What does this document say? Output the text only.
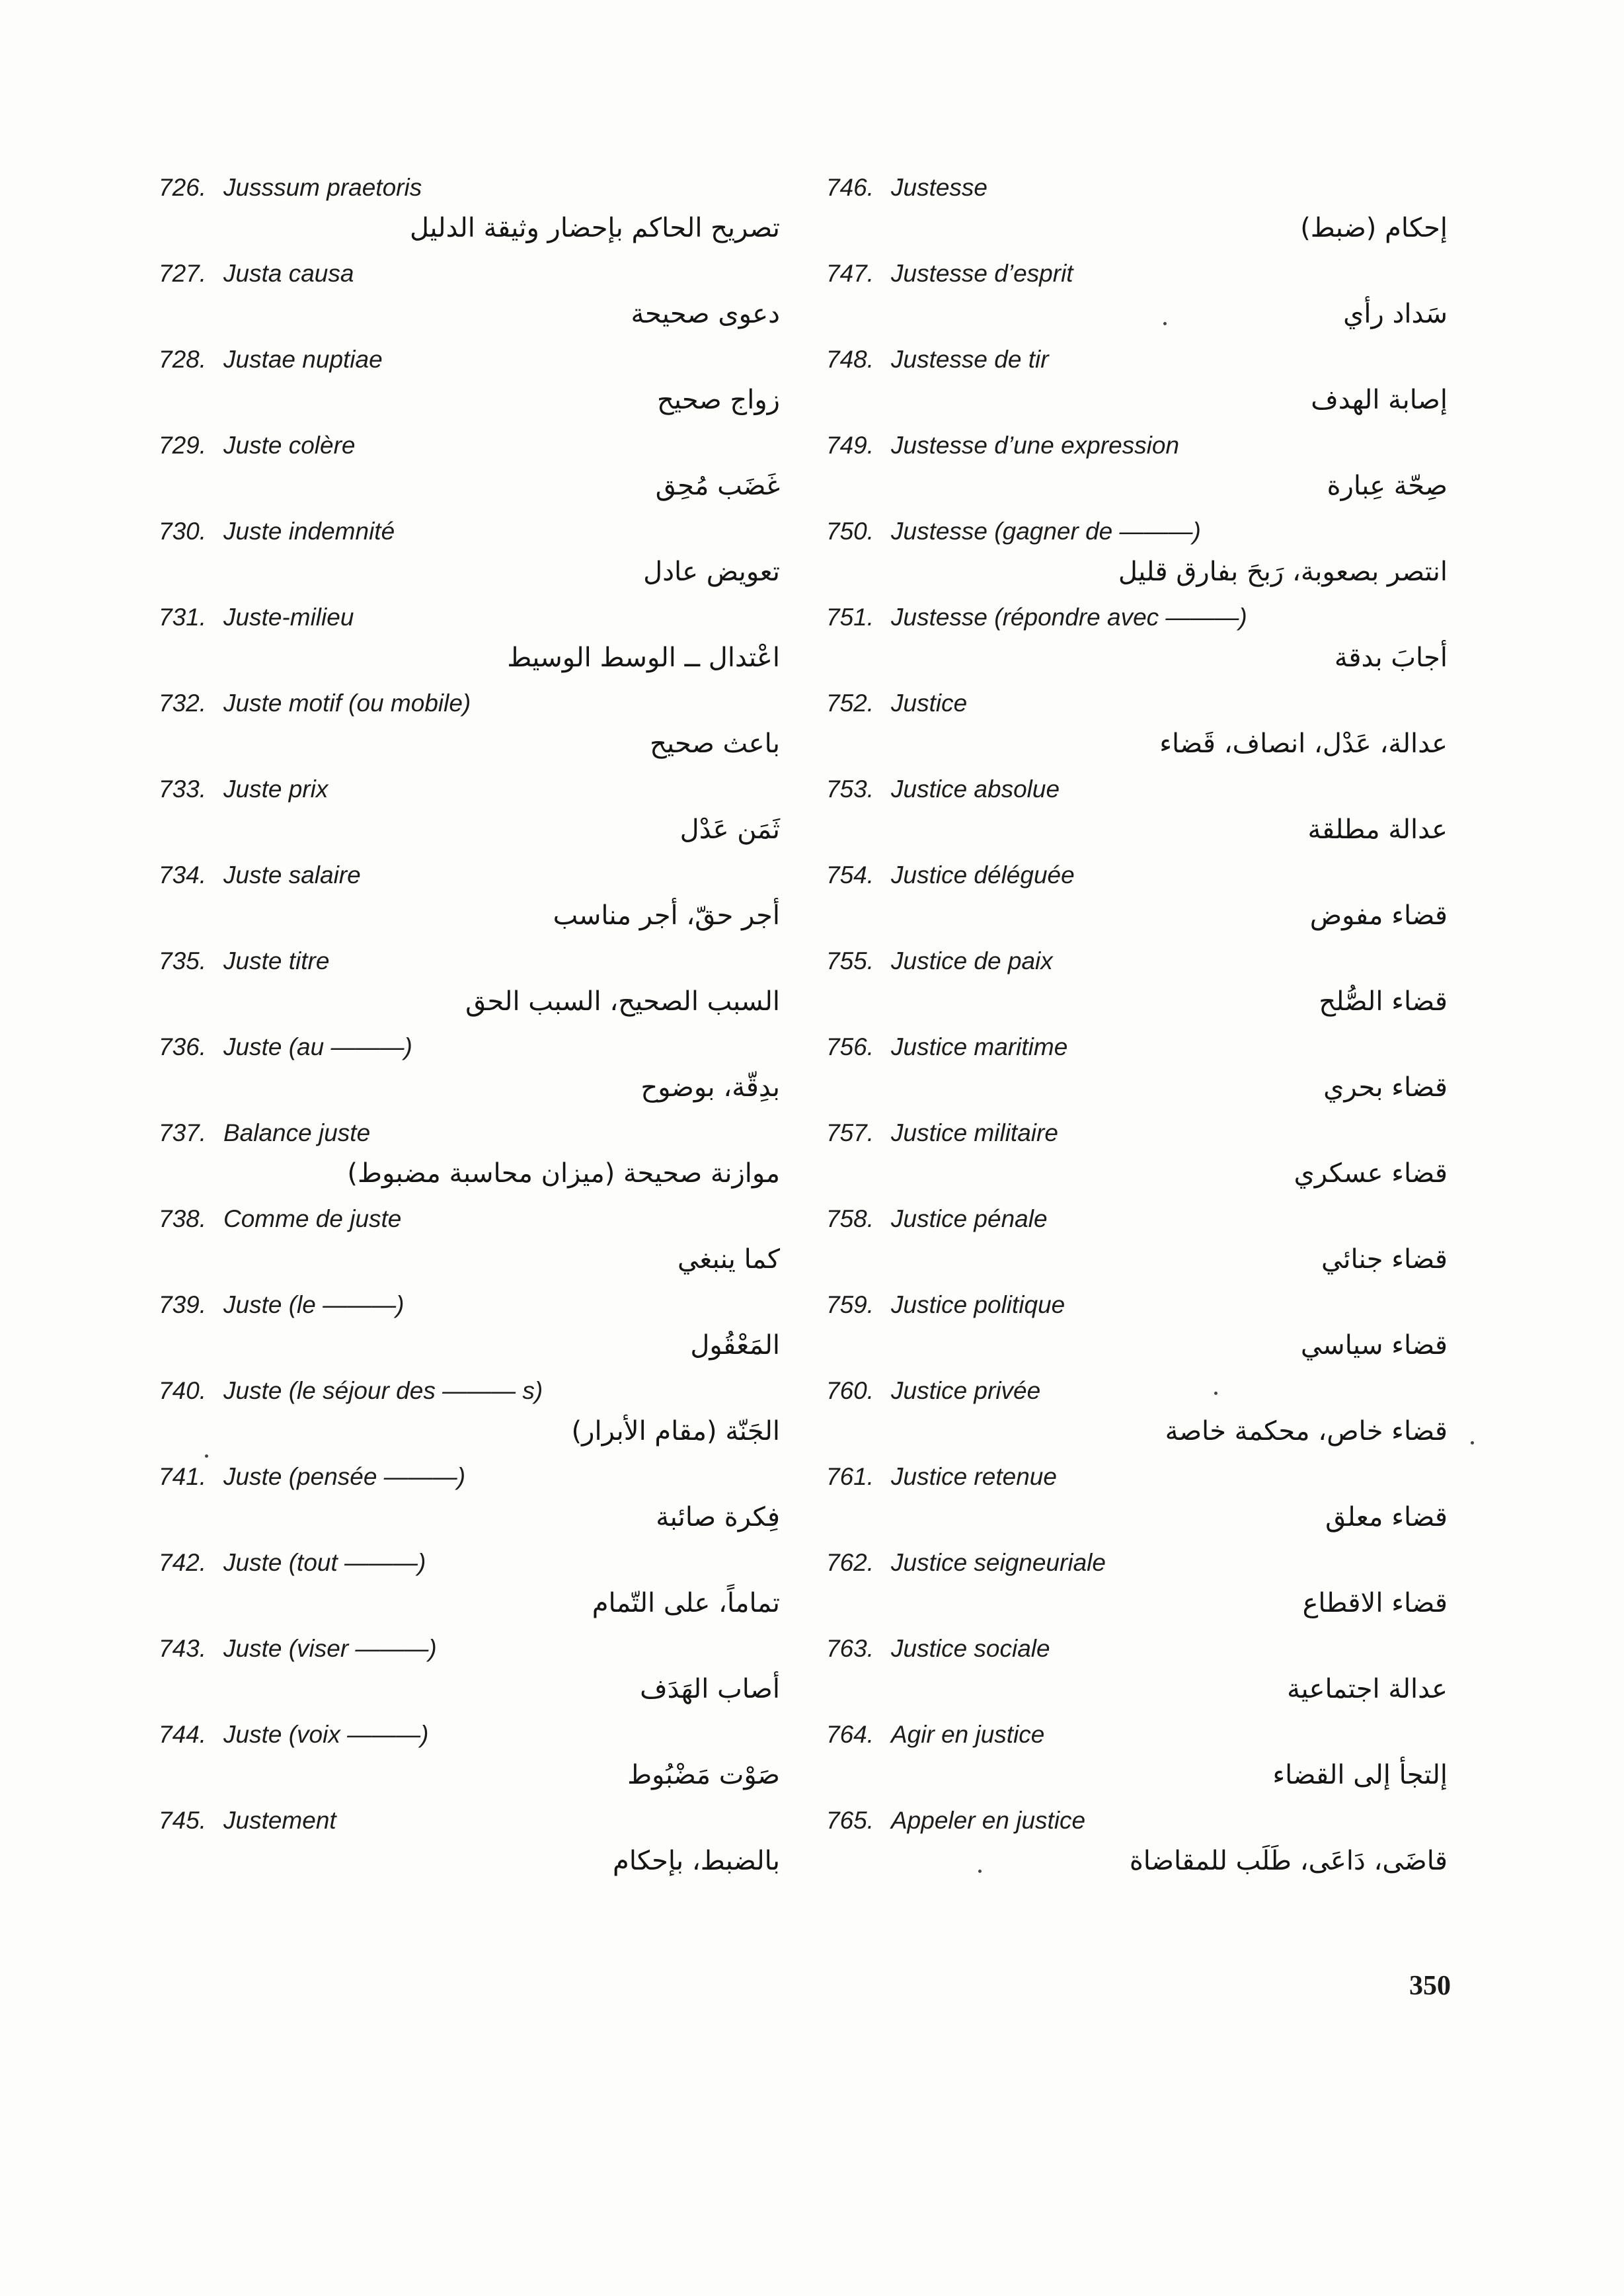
726. Jusssum praetoris
تصريح الحاكم بإحضار وثيقة الدليل
727. Justa causa
دعوى صحيحة
728. Justae nuptiae
زواج صحيح
729. Juste colère
غَضَب مُحِق
730. Juste indemnité
تعويض عادل
731. Juste-milieu
اعْتدال ــ الوسط الوسيط
732. Juste motif (ou mobile)
باعث صحيح
733. Juste prix
ثَمَن عَدْل
734. Juste salaire
أجر حقّ، أجر مناسب
735. Juste titre
السبب الصحيح، السبب الحق
736. Juste (au ———)
بدِقّة، بوضوح
737. Balance juste
موازنة صحيحة (ميزان محاسبة مضبوط)
738. Comme de juste
كما ينبغي
739. Juste (le ———)
المَعْقُول
740. Juste (le séjour des ——— s)
الجَنّة (مقام الأبرار)
741. Juste (pensée ———)
فِكرة صائبة
742. Juste (tout ———)
تماماً، على التّمام
743. Juste (viser ———)
أصاب الهَدَف
744. Juste (voix ———)
صَوْت مَضْبُوط
745. Justement
بالضبط، بإحكام
746. Justesse
إحكام (ضبط)
747. Justesse d’esprit
سَداد رأي
748. Justesse de tir
إصابة الهدف
749. Justesse d’une expression
صِحّة عِبارة
750. Justesse (gagner de ———)
انتصر بصعوبة، رَبحَ بفارق قليل
751. Justesse (répondre avec ———)
أجابَ بدقة
752. Justice
عدالة، عَدْل، انصاف، قَضاء
753. Justice absolue
عدالة مطلقة
754. Justice déléguée
قضاء مفوض
755. Justice de paix
قضاء الصُّلح
756. Justice maritime
قضاء بحري
757. Justice militaire
قضاء عسكري
758. Justice pénale
قضاء جنائي
759. Justice politique
قضاء سياسي
760. Justice privée
قضاء خاص، محكمة خاصة
761. Justice retenue
قضاء معلق
762. Justice seigneuriale
قضاء الاقطاع
763. Justice sociale
عدالة اجتماعية
764. Agir en justice
إلتجأ إلى القضاء
765. Appeler en justice
قاضَى، دَاعَى، طَلَب للمقاضاة
350
